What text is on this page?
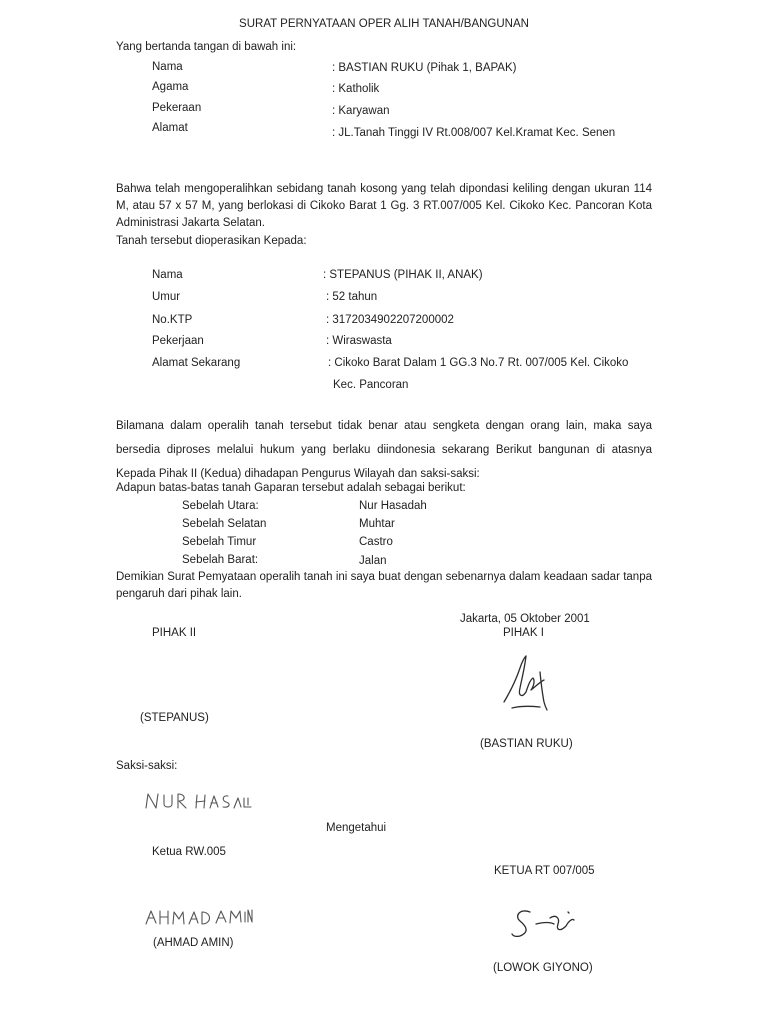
SURAT PERNYATAAN OPER ALIH TANAH/BANGUNAN
Yang bertanda tangan di bawah ini:
Nama	: BASTIAN RUKU (Pihak 1, BAPAK)
Agama	: Katholik
Pekeraan	: Karyawan
Alamat	: JL.Tanah Tinggi IV Rt.008/007 Kel.Kramat Kec. Senen
Bahwa telah mengoperalihkan sebidang tanah kosong yang telah dipondasi keliling dengan ukuran 114 M, atau 57 x 57 M, yang berlokasi di Cikoko Barat 1 Gg. 3 RT.007/005 Kel. Cikoko Kec. Pancoran Kota Administrasi Jakarta Selatan.
Tanah tersebut dioperasikan Kepada:
Nama	: STEPANUS (PIHAK II, ANAK)
Umur	: 52 tahun
No.KTP	: 3172034902207200002
Pekerjaan	: Wiraswasta
Alamat Sekarang	: Cikoko Barat Dalam 1 GG.3 No.7 Rt. 007/005 Kel. Cikoko
Kec. Pancoran
Bilamana dalam operalih tanah tersebut tidak benar atau sengketa dengan orang lain, maka saya bersedia diproses melalui hukum yang berlaku diindonesia sekarang Berikut bangunan di atasnya Kepada Pihak II (Kedua) dihadapan Pengurus Wilayah dan saksi-saksi:
Adapun batas-batas tanah Gaparan tersebut adalah sebagai berikut:
Sebelah Utara:	Nur Hasadah
Sebelah Selatan	Muhtar
Sebelah Timur	Castro
Sebelah Barat:	Jalan
Demikian Surat Pemyataan operalih tanah ini saya buat dengan sebenarnya dalam keadaan sadar tanpa pengaruh dari pihak lain.
Jakarta, 05 Oktober 2001
PIHAK II	PIHAK I
(STEPANUS)
(BASTIAN RUKU)
Saksi-saksi:
Mengetahui
Ketua RW.005
KETUA RT 007/005
(AHMAD AMIN)
(LOWOK GIYONO)
